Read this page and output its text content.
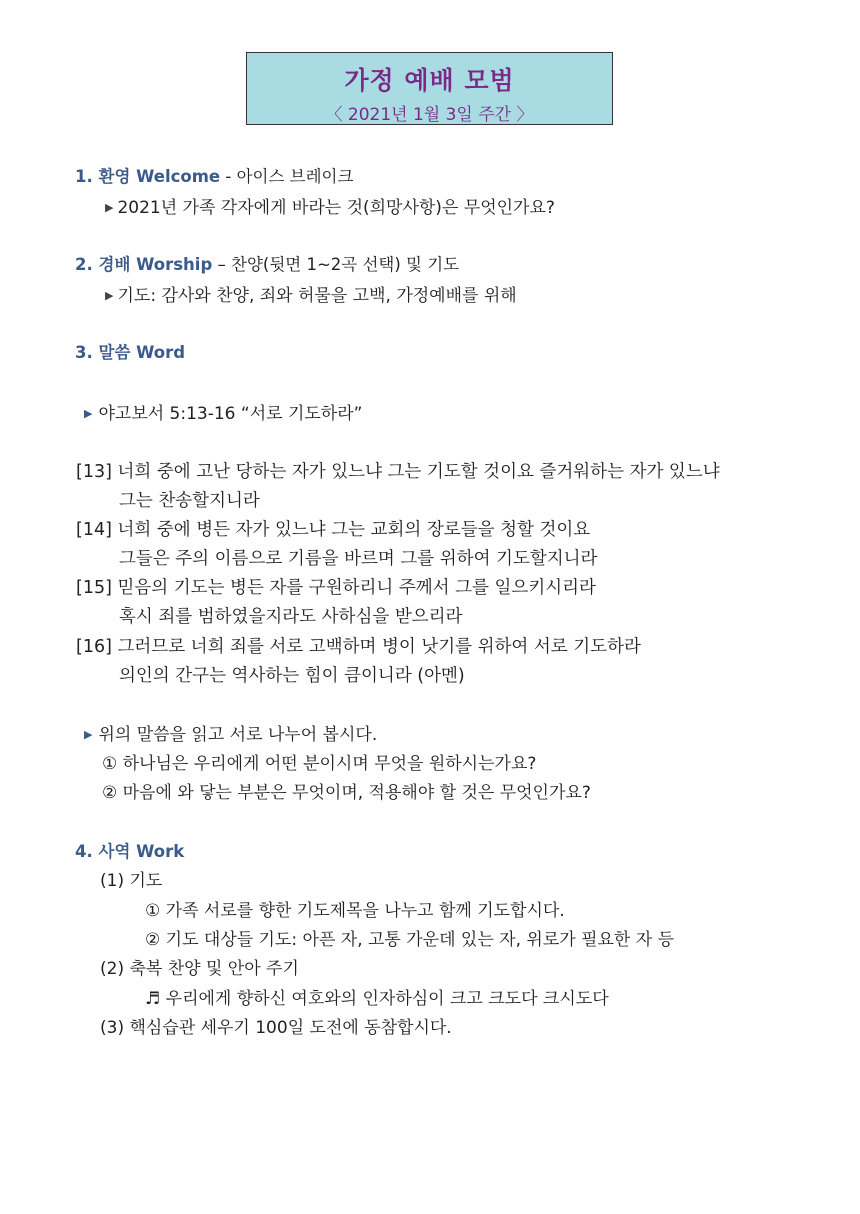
가정 예배 모범
〈 2021년 1월 3일 주간 〉
1. 환영 Welcome - 아이스 브레이크
▶ 2021년 가족 각자에게 바라는 것(희망사항)은 무엇인가요?
2. 경배 Worship – 찬양(뒷면 1~2곡 선택) 및 기도
▶ 기도: 감사와 찬양, 죄와 허물을 고백, 가정예배를 위해
3. 말씀 Word
▶ 야고보서 5:13-16 “서로 기도하라”
[13] 너희 중에 고난 당하는 자가 있느냐 그는 기도할 것이요 즐거워하는 자가 있느냐
그는 찬송할지니라
[14] 너희 중에 병든 자가 있느냐 그는 교회의 장로들을 청할 것이요
그들은 주의 이름으로 기름을 바르며 그를 위하여 기도할지니라
[15] 믿음의 기도는 병든 자를 구원하리니 주께서 그를 일으키시리라
혹시 죄를 범하였을지라도 사하심을 받으리라
[16] 그러므로 너희 죄를 서로 고백하며 병이 낫기를 위하여 서로 기도하라
의인의 간구는 역사하는 힘이 큼이니라 (아멘)
▶ 위의 말씀을 읽고 서로 나누어 봅시다.
① 하나님은 우리에게 어떤 분이시며 무엇을 원하시는가요?
② 마음에 와 닿는 부분은 무엇이며, 적용해야 할 것은 무엇인가요?
4. 사역 Work
(1) 기도
① 가족 서로를 향한 기도제목을 나누고 함께 기도합시다.
② 기도 대상들 기도: 아픈 자, 고통 가운데 있는 자, 위로가 필요한 자 등
(2) 축복 찬양 및 안아 주기
♬ 우리에게 향하신 여호와의 인자하심이 크고 크도다 크시도다
(3) 핵심습관 세우기 100일 도전에 동참합시다.
